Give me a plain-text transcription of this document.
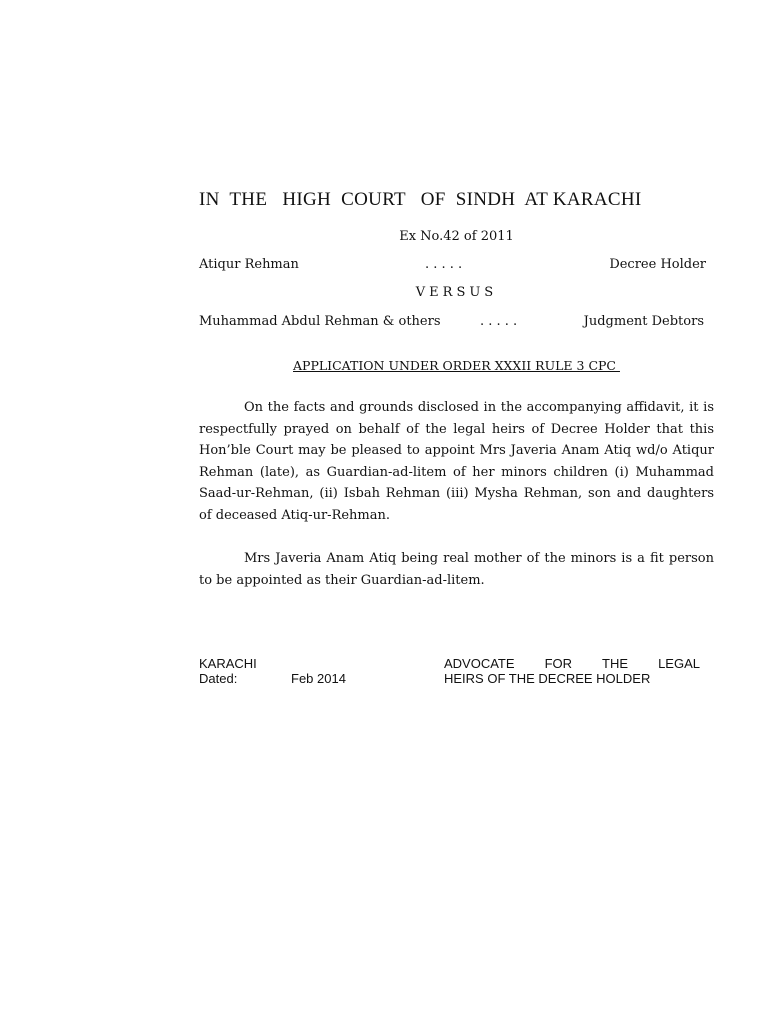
IN  THE   HIGH  COURT   OF  SINDH  AT KARACHI
Ex No.42 of 2011
Atiqur Rehman	. . . . .	Decree Holder
VERSUS
Muhammad Abdul Rehman & others	. . . . .	Judgment Debtors
APPLICATION UNDER ORDER XXXII RULE 3 CPC

On the facts and grounds disclosed in the accompanying affidavit, it is respectfully prayed on behalf of the legal heirs of Decree Holder that this Hon’ble Court may be pleased to appoint Mrs Javeria Anam Atiq wd/o Atiqur Rehman (late), as Guardian-ad-litem of her minors children (i) Muhammad Saad-ur-Rehman, (ii) Isbah Rehman (iii) Mysha Rehman, son and daughters of deceased Atiq-ur-Rehman.

Mrs Javeria Anam Atiq being real mother of the minors is a fit person to be appointed as their Guardian-ad-litem.

KARACHI
Dated:	Feb 2014
ADVOCATE FOR THE LEGAL
HEIRS OF THE DECREE HOLDER
